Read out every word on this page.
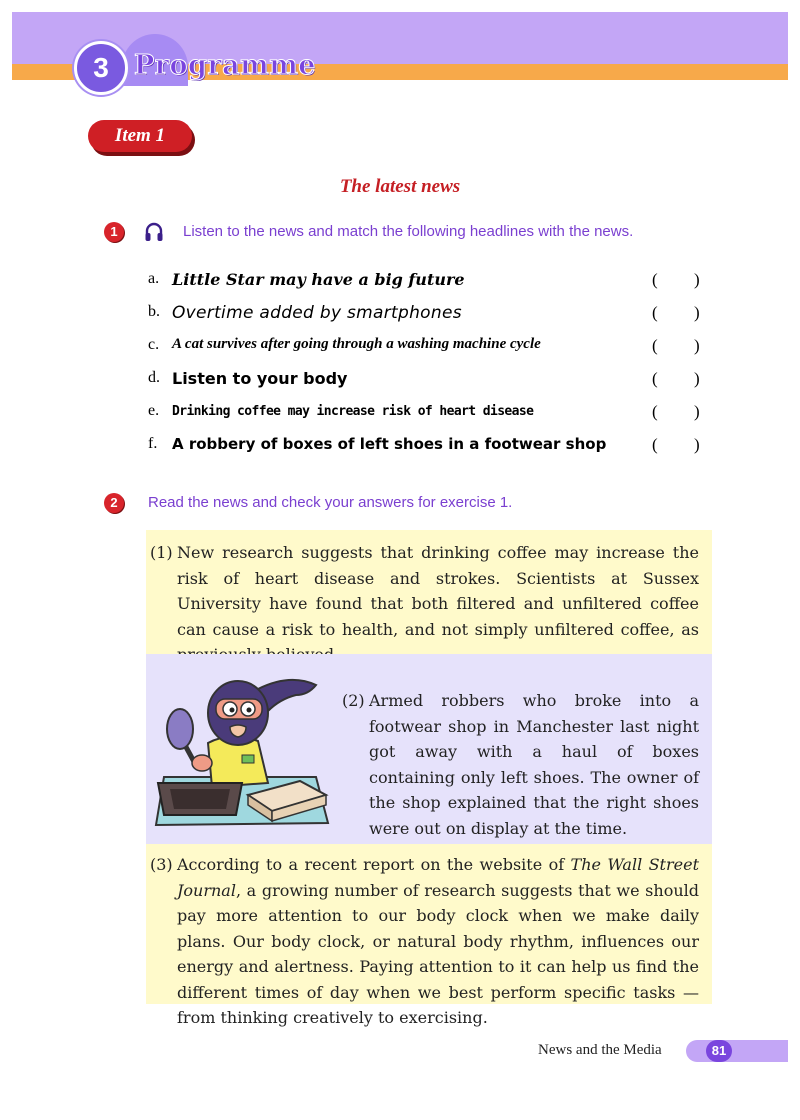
3 Programme
Item 1
The latest news
1	Listen to the news and match the following headlines with the news.
a. Little Star may have a big future	( )
b. Overtime added by smartphones	( )
c. A cat survives after going through a washing machine cycle	( )
d. Listen to your body	( )
e. Drinking coffee may increase risk of heart disease	( )
f. A robbery of boxes of left shoes in a footwear shop	( )
2	Read the news and check your answers for exercise 1.
(1) New research suggests that drinking coffee may increase the risk of heart disease and strokes. Scientists at Sussex University have found that both filtered and unfiltered coffee can cause a risk to health, and not simply unfiltered coffee, as
(2) Armed robbers who broke into a footwear shop in Manchester last night got away with a haul of boxes containing only left shoes. The owner of the shop explained that the right shoes were out on display at the time.
(3) According to a recent report on the website of The Wall Street Journal, a growing number of research suggests that we should pay more attention to our body clock when we make daily plans. Our body clock, or natural body rhythm, influences our energy and alertness. Paying attention to it can help us find the different times of day when we best perform specific tasks — from thinking creatively to exercising.
News and the Media	81
